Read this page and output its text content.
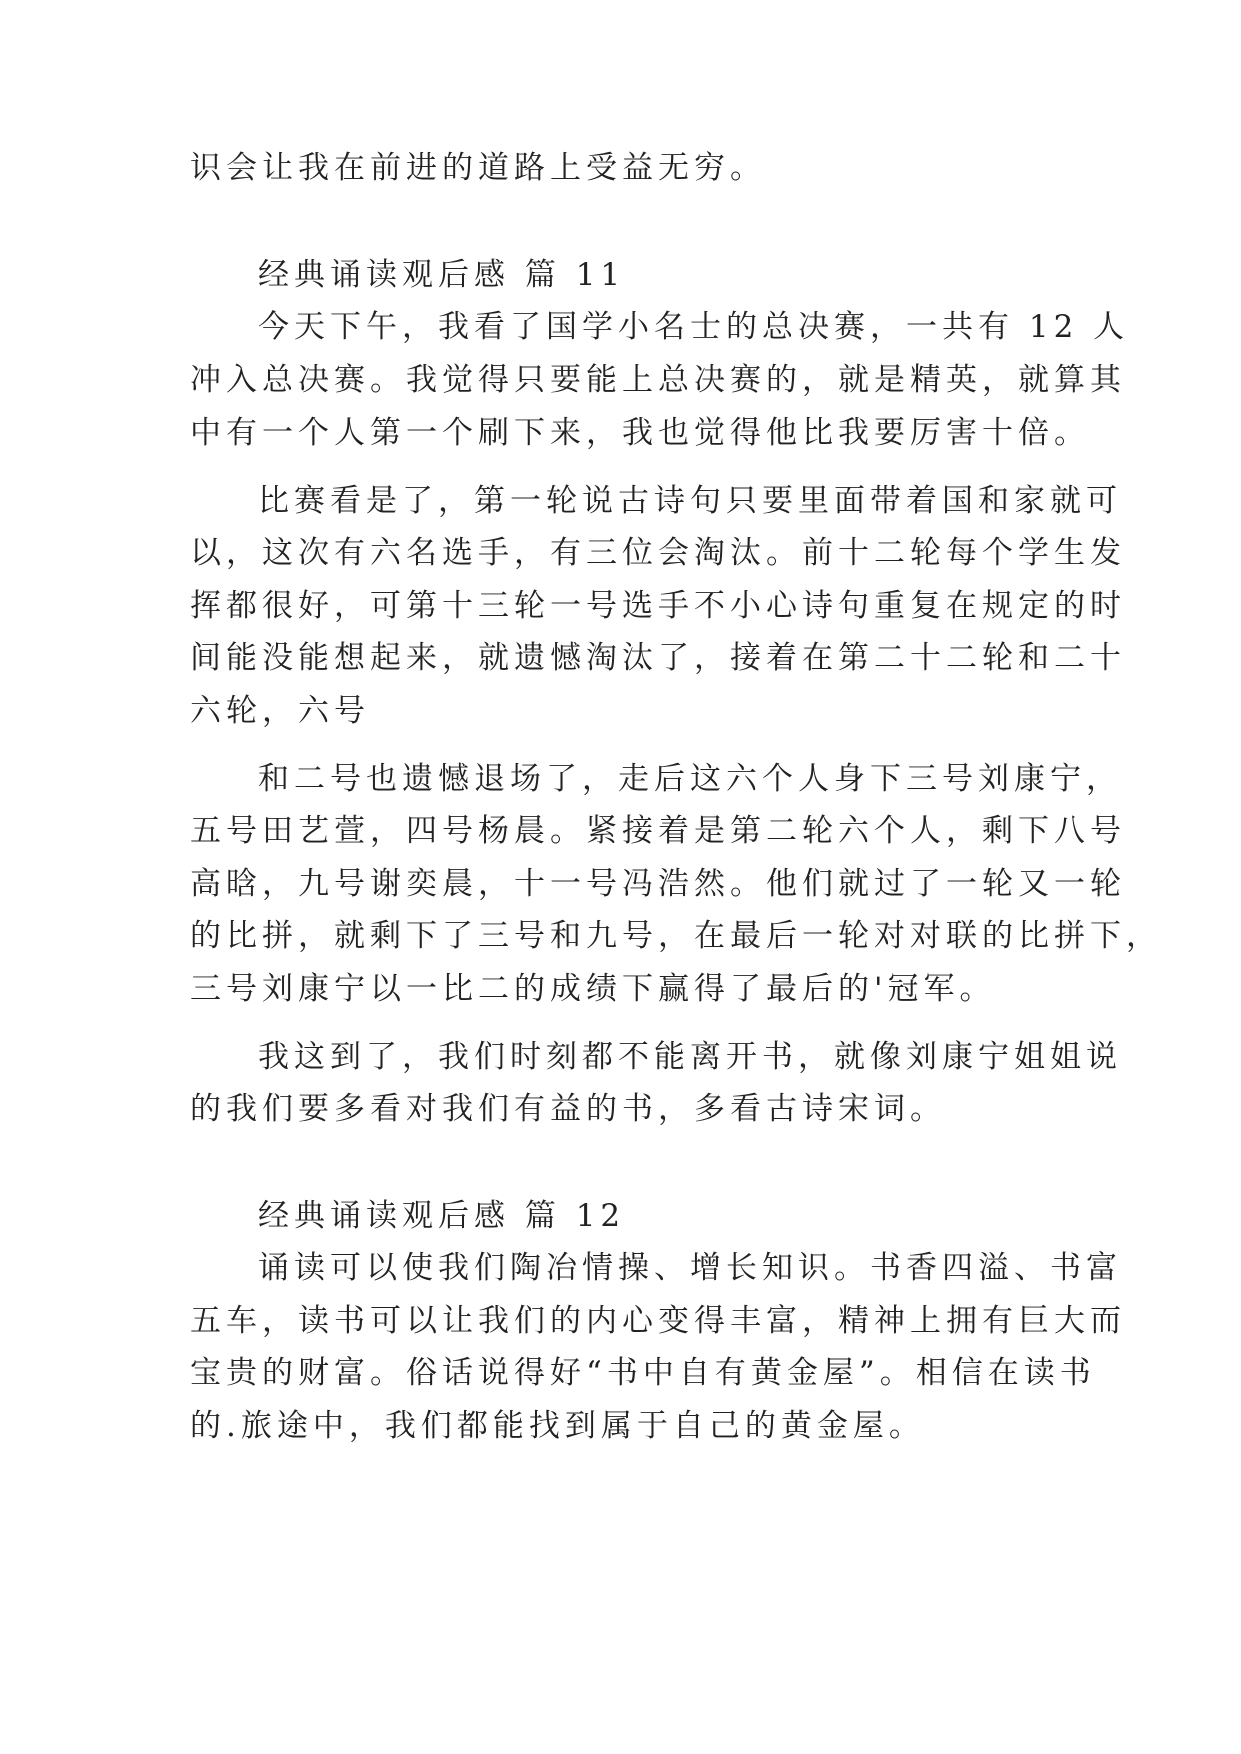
识会让我在前进的道路上受益无穷。
经典诵读观后感 篇 11
今天下午，我看了国学小名士的总决赛，一共有 12 人
冲入总决赛。我觉得只要能上总决赛的，就是精英，就算其
中有一个人第一个刷下来，我也觉得他比我要厉害十倍。
比赛看是了，第一轮说古诗句只要里面带着国和家就可
以，这次有六名选手，有三位会淘汰。前十二轮每个学生发
挥都很好，可第十三轮一号选手不小心诗句重复在规定的时
间能没能想起来，就遗憾淘汰了，接着在第二十二轮和二十
六轮，六号
和二号也遗憾退场了，走后这六个人身下三号刘康宁，
五号田艺萱，四号杨晨。紧接着是第二轮六个人，剩下八号
高晗，九号谢奕晨，十一号冯浩然。他们就过了一轮又一轮
的比拼，就剩下了三号和九号，在最后一轮对对联的比拼下，
三号刘康宁以一比二的成绩下赢得了最后的'冠军。
我这到了，我们时刻都不能离开书，就像刘康宁姐姐说
的我们要多看对我们有益的书，多看古诗宋词。
经典诵读观后感 篇 12
诵读可以使我们陶冶情操、增长知识。书香四溢、书富
五车，读书可以让我们的内心变得丰富，精神上拥有巨大而
宝贵的财富。俗话说得好“书中自有黄金屋”。相信在读书
的.旅途中，我们都能找到属于自己的黄金屋。
